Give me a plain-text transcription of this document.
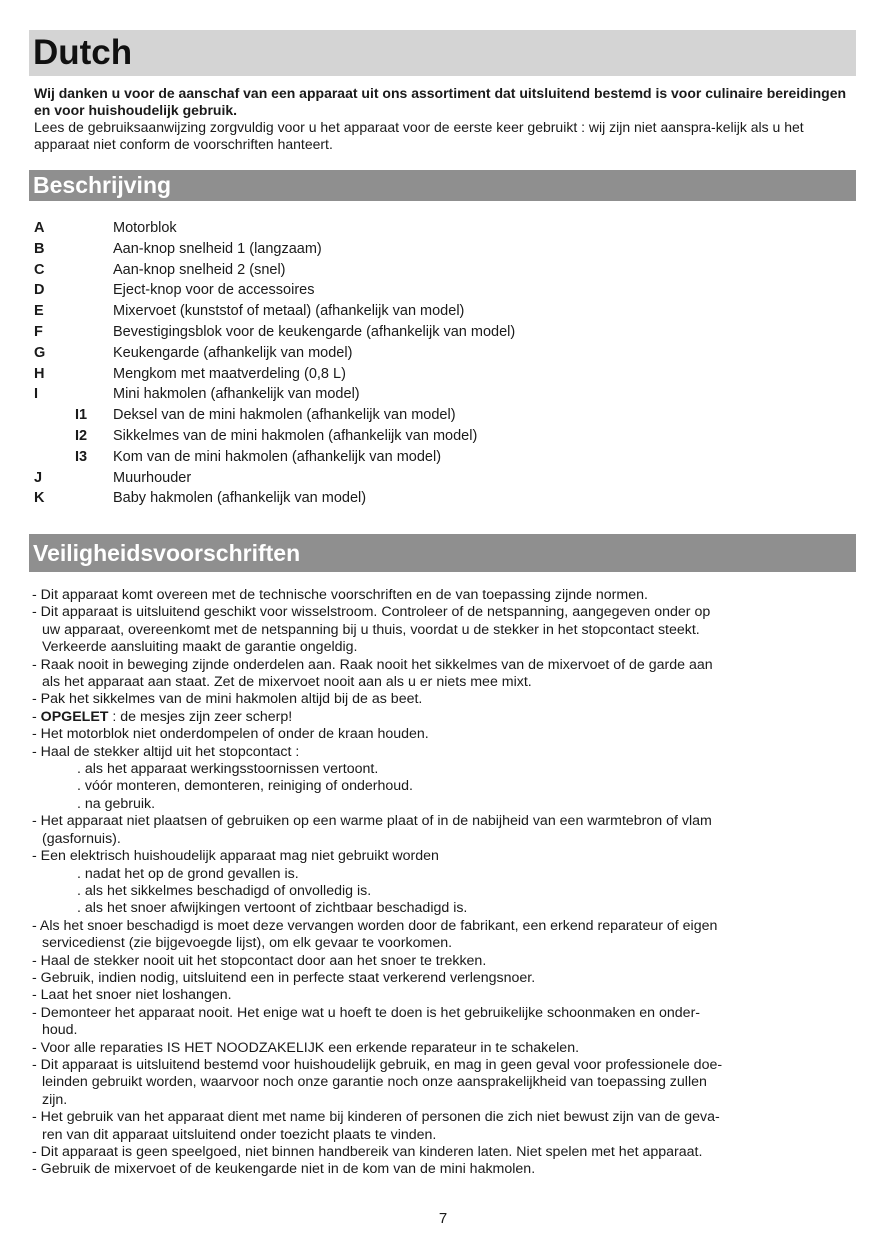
Dutch
Wij danken u voor de aanschaf van een apparaat uit ons assortiment dat uitsluitend bestemd is voor culinaire bereidingen en voor huishoudelijk gebruik.
Lees de gebruiksaanwijzing zorgvuldig voor u het apparaat voor de eerste keer gebruikt : wij zijn niet aanspra-kelijk als u het apparaat niet conform de voorschriften hanteert.
Beschrijving
A	Motorblok
B	Aan-knop snelheid 1 (langzaam)
C	Aan-knop snelheid 2 (snel)
D	Eject-knop voor de accessoires
E	Mixervoet (kunststof of metaal) (afhankelijk van model)
F	Bevestigingsblok voor de keukengarde (afhankelijk van model)
G	Keukengarde (afhankelijk van model)
H	Mengkom met maatverdeling (0,8 L)
I	Mini hakmolen (afhankelijk van model)
I1 Deksel van de mini hakmolen (afhankelijk van model)
I2 Sikkelmes van de mini hakmolen (afhankelijk van model)
I3 Kom van de mini hakmolen (afhankelijk van model)
J	Muurhouder
K	Baby hakmolen (afhankelijk van model)
Veiligheidsvoorschriften

- Dit apparaat komt overeen met de technische voorschriften en de van toepassing zijnde normen.

- Dit apparaat is uitsluitend geschikt voor wisselstroom. Controleer of de netspanning, aangegeven onder op

uw apparaat, overeenkomt met de netspanning bij u thuis, voordat u de stekker in het stopcontact steekt.

Verkeerde aansluiting maakt de garantie ongeldig.

- Raak nooit in beweging zijnde onderdelen aan. Raak nooit het sikkelmes van de mixervoet of de garde aan

als het apparaat aan staat. Zet de mixervoet nooit aan als u er niets mee mixt.

- Pak het sikkelmes van de mini hakmolen altijd bij de as beet.

- OPGELET : de mesjes zijn zeer scherp!

- Het motorblok niet onderdompelen of onder de kraan houden.

- Haal de stekker altijd uit het stopcontact :

. als het apparaat werkingsstoornissen vertoont.

. vóór monteren, demonteren, reiniging of onderhoud.

. na gebruik.

- Het apparaat niet plaatsen of gebruiken op een warme plaat of in de nabijheid van een warmtebron of vlam

(gasfornuis).

- Een elektrisch huishoudelijk apparaat mag niet gebruikt worden

. nadat het op de grond gevallen is.

. als het sikkelmes beschadigd of onvolledig is.

. als het snoer afwijkingen vertoont of zichtbaar beschadigd is.

- Als het snoer beschadigd is moet deze vervangen worden door de fabrikant, een erkend reparateur of eigen

servicedienst (zie bijgevoegde lijst), om elk gevaar te voorkomen.

- Haal de stekker nooit uit het stopcontact door aan het snoer te trekken.

- Gebruik, indien nodig, uitsluitend een in perfecte staat verkerend verlengsnoer.

- Laat het snoer niet loshangen.

- Demonteer het apparaat nooit. Het enige wat u hoeft te doen is het gebruikelijke schoonmaken en onder-

houd.

- Voor alle reparaties IS HET NOODZAKELIJK een erkende reparateur in te schakelen.

- Dit apparaat is uitsluitend bestemd voor huishoudelijk gebruik, en mag in geen geval voor professionele doe-

leinden gebruikt worden, waarvoor noch onze garantie noch onze aansprakelijkheid van toepassing zullen

zijn.

- Het gebruik van het apparaat dient met name bij kinderen of personen die zich niet bewust zijn van de geva-

ren van dit apparaat uitsluitend onder toezicht plaats te vinden.

- Dit apparaat is geen speelgoed, niet binnen handbereik van kinderen laten. Niet spelen met het apparaat.

- Gebruik de mixervoet of de keukengarde niet in de kom van de mini hakmolen.

7
